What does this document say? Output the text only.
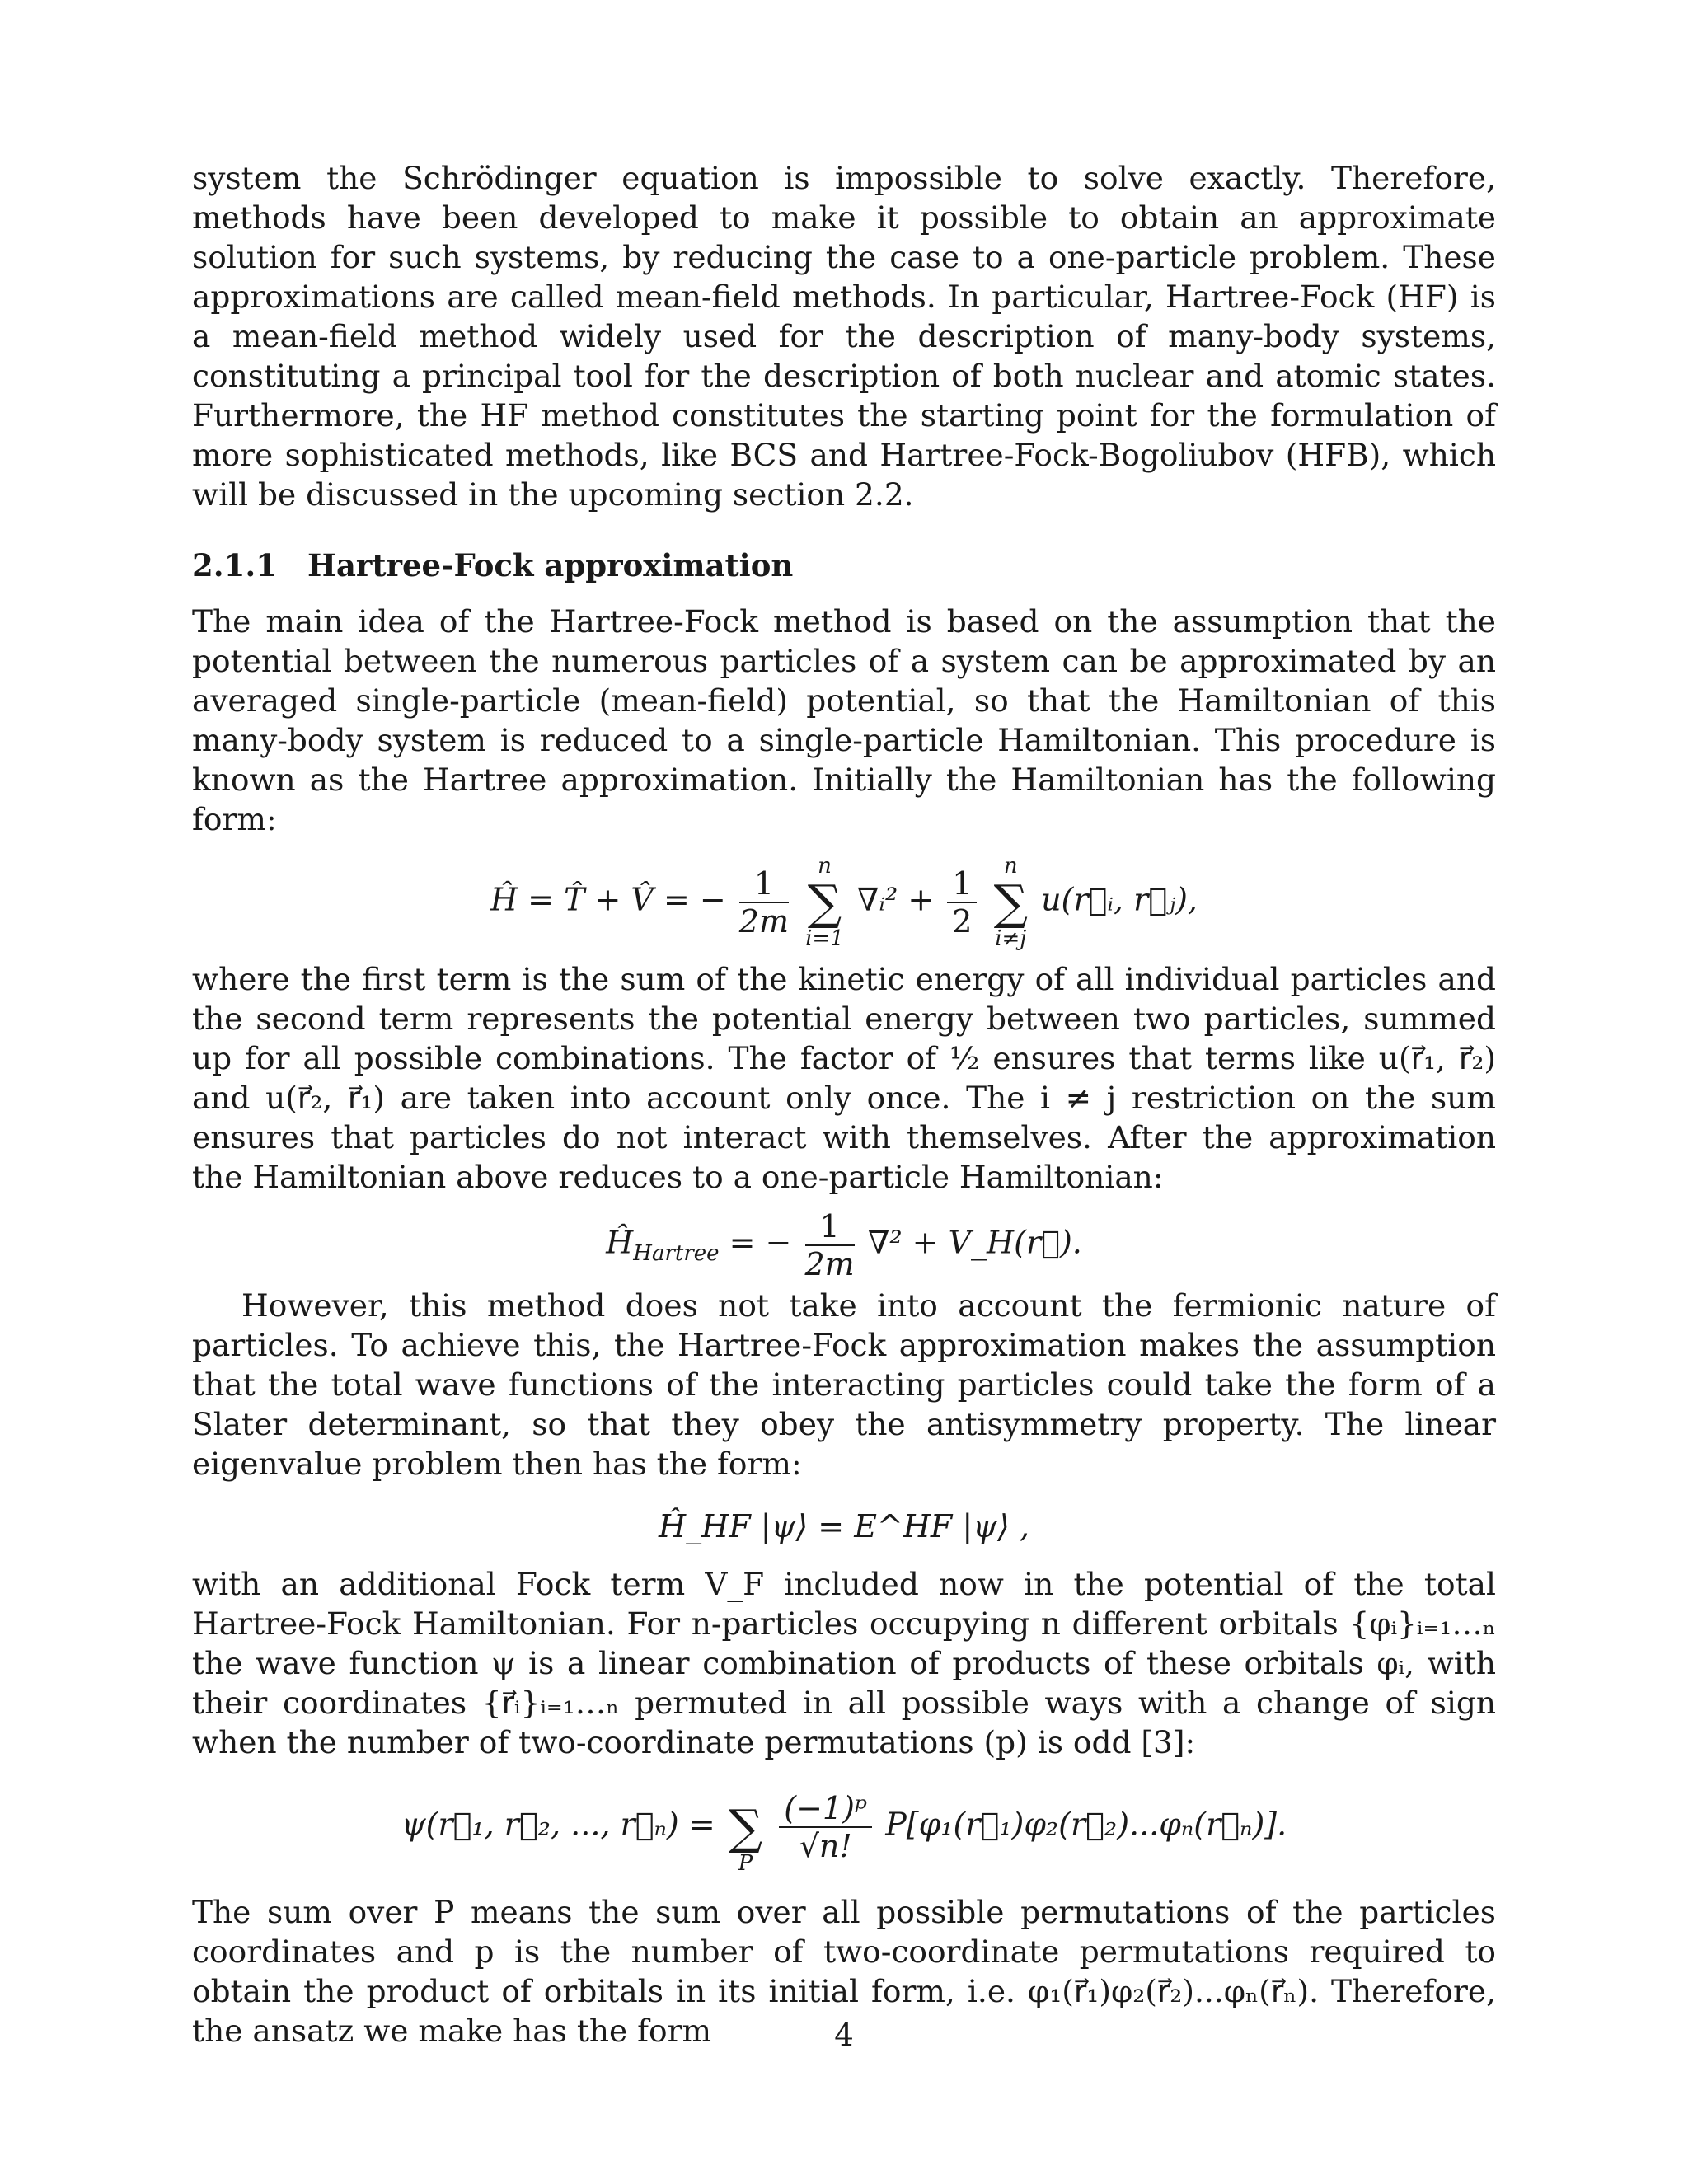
system the Schrödinger equation is impossible to solve exactly. Therefore, methods have been developed to make it possible to obtain an approximate solution for such systems, by reducing the case to a one-particle problem. These approximations are called mean-field methods. In particular, Hartree-Fock (HF) is a mean-field method widely used for the description of many-body systems, constituting a principal tool for the description of both nuclear and atomic states. Furthermore, the HF method constitutes the starting point for the formulation of more sophisticated methods, like BCS and Hartree-Fock-Bogoliubov (HFB), which will be discussed in the upcoming section 2.2.

2.1.1 Hartree-Fock approximation

The main idea of the Hartree-Fock method is based on the assumption that the potential between the numerous particles of a system can be approximated by an averaged single-particle (mean-field) potential, so that the Hamiltonian of this many-body system is reduced to a single-particle Hamiltonian. This procedure is known as the Hartree approximation. Initially the Hamiltonian has the following form:

Ĥ = T̂ + V̂ = − $\frac{1}{2m}$
	n
∑
i=1
∇ᵢ² + $\frac{1}{2}$
	n
∑
i≠j
u(r⃗ᵢ, r⃗ⱼ),

where the first term is the sum of the kinetic energy of all individual particles and the second term represents the potential energy between two particles, summed up for all possible combinations. The factor of ½ ensures that terms like u(r⃗₁, r⃗₂) and u(r⃗₂, r⃗₁) are taken into account only once. The i ≠ j restriction on the sum ensures that particles do not interact with themselves. After the approximation the Hamiltonian above reduces to a one-particle Hamiltonian:

$Ĥ_{Hartree}$ = − $\frac{1}{2m} \nabla^2$ + V_H(r⃗).

However, this method does not take into account the fermionic nature of particles. To achieve this, the Hartree-Fock approximation makes the assumption that the total wave functions of the interacting particles could take the form of a Slater determinant, so that they obey the antisymmetry property. The linear eigenvalue problem then has the form:

Ĥ_HF |ψ⟩ = E^HF |ψ⟩ ,

with an additional Fock term V_F included now in the potential of the total Hartree-Fock Hamiltonian. For n-particles occupying n different orbitals {φᵢ}ᵢ₌₁…ₙ the wave function ψ is a linear combination of products of these orbitals φᵢ, with their coordinates {r⃗ᵢ}ᵢ₌₁…ₙ permuted in all possible ways with a change of sign when the number of two-coordinate permutations (p) is odd [3]:

ψ(r⃗₁, r⃗₂, ..., r⃗ₙ) =
∑
P
$\frac{\text{(−1)ᵖ}}{√n!}$ P[φ₁(r⃗₁)φ₂(r⃗₂)...φₙ(r⃗ₙ)].

The sum over P means the sum over all possible permutations of the particles coordinates and p is the number of two-coordinate permutations required to obtain the product of orbitals in its initial form, i.e. φ₁(r⃗₁)φ₂(r⃗₂)...φₙ(r⃗ₙ). Therefore, the ansatz we make has the form	4
